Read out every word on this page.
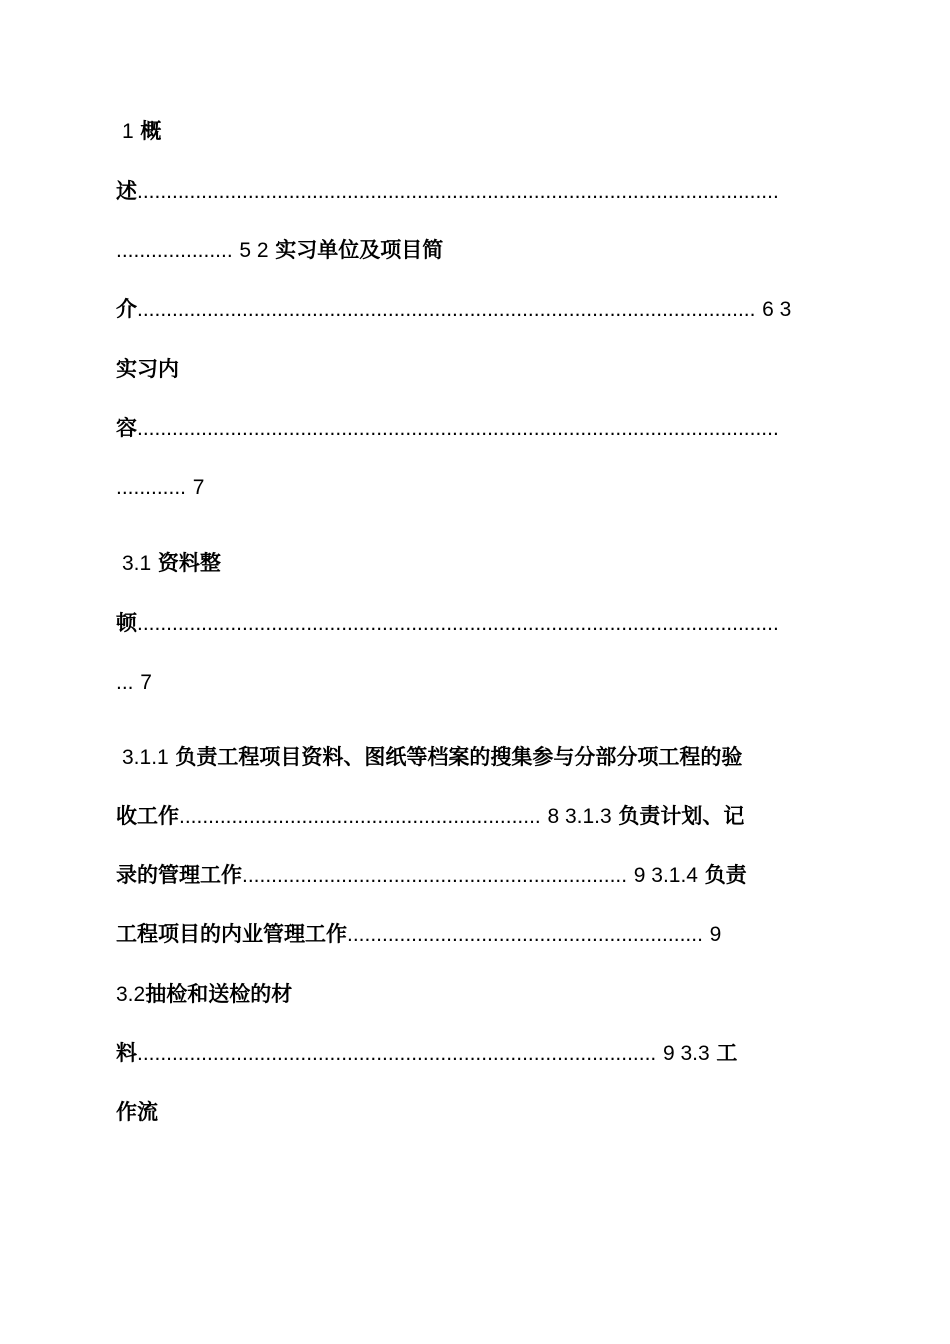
1 概
述..............................................................................................................
.................... 5 2 实习单位及项目简
介.......................................................................................................... 6 3
实习内
容..............................................................................................................
............ 7
3.1 资料整
顿..............................................................................................................
... 7
3.1.1 负责工程项目资料、图纸等档案的搜集参与分部分项工程的验
收工作.............................................................. 8 3.1.3 负责计划、记
录的管理工作.................................................................. 9 3.1.4 负责
工程项目的内业管理工作............................................................. 9
3.2抽检和送检的材
料......................................................................................... 9 3.3 工
作流
